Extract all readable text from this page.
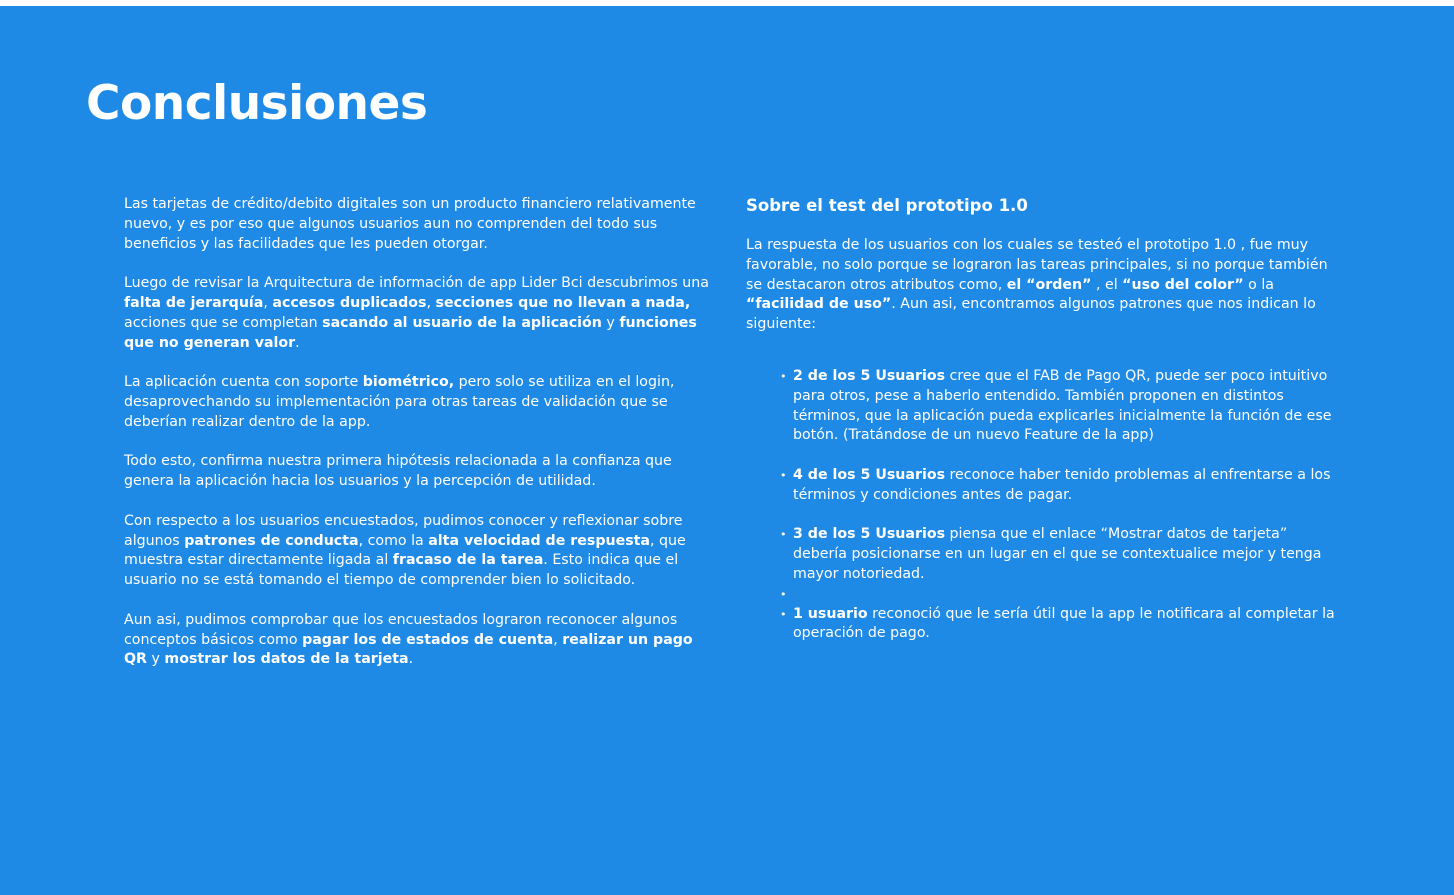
Conclusiones

Las tarjetas de crédito/debito digitales son un producto financiero relativamente nuevo, y es por eso que algunos usuarios aun no comprenden del todo sus beneficios y las facilidades que les pueden otorgar.

Luego de revisar la Arquitectura de información de app Lider Bci descubrimos una falta de jerarquía, accesos duplicados, secciones que no llevan a nada, acciones que se completan sacando al usuario de la aplicación y funciones que no generan valor.

La aplicación cuenta con soporte biométrico, pero solo se utiliza en el login, desaprovechando su implementación para otras tareas de validación que se deberían realizar dentro de la app.

Todo esto, confirma nuestra primera hipótesis relacionada a la confianza que genera la aplicación hacia los usuarios y la percepción de utilidad.

Con respecto a los usuarios encuestados, pudimos conocer y reflexionar sobre algunos patrones de conducta, como la alta velocidad de respuesta, que muestra estar directamente ligada al fracaso de la tarea. Esto indica que el usuario no se está tomando el tiempo de comprender bien lo solicitado.

Aun asi, pudimos comprobar que los encuestados lograron reconocer algunos conceptos básicos como pagar los de estados de cuenta, realizar un pago QR y mostrar los datos de la tarjeta.

Sobre el test del prototipo 1.0

La respuesta de los usuarios con los cuales se testeó el prototipo 1.0 , fue muy favorable, no solo porque se lograron las tareas principales, si no porque también se destacaron otros atributos como, el “orden” , el “uso del color” o la “facilidad de uso”. Aun asi, encontramos algunos patrones que nos indican lo siguiente:

• 2 de los 5 Usuarios cree que el FAB de Pago QR, puede ser poco intuitivo para otros, pese a haberlo entendido. También proponen en distintos términos, que la aplicación pueda explicarles inicialmente la función de ese botón. (Tratándose de un nuevo Feature de la app)
• 4 de los 5 Usuarios reconoce haber tenido problemas al enfrentarse a los términos y condiciones antes de pagar.
• 3 de los 5 Usuarios piensa que el enlace “Mostrar datos de tarjeta” debería posicionarse en un lugar en el que se contextualice mejor y tenga mayor notoriedad.
•
• 1 usuario reconoció que le sería útil que la app le notificara al completar la operación de pago.
